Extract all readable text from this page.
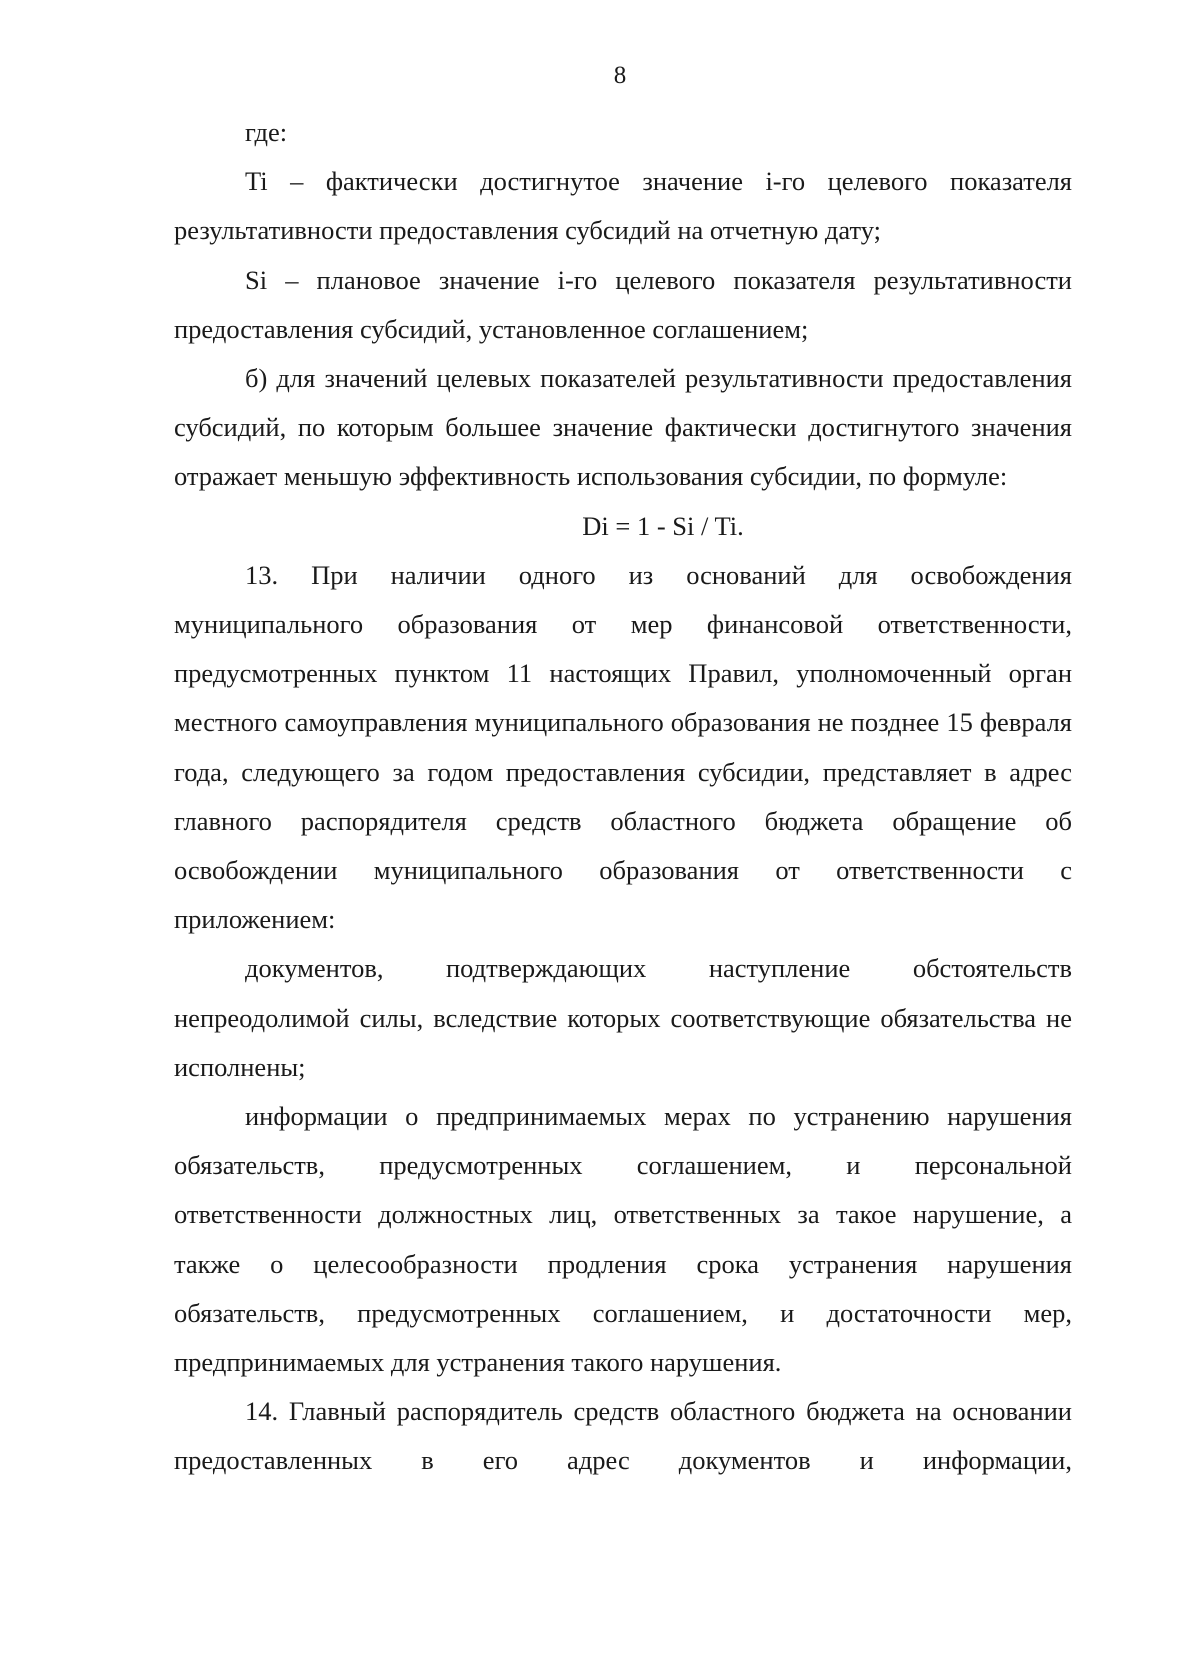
8

где:

Ti – фактически достигнутое значение i-го целевого показателя результативности предоставления субсидий на отчетную дату;

Si – плановое значение i-го целевого показателя результативности предоставления субсидий, установленное соглашением;

б) для значений целевых показателей результативности предоставления субсидий, по которым большее значение фактически достигнутого значения отражает меньшую эффективность использования субсидии, по формуле:

Di = 1 - Si / Ti.

13. При наличии одного из оснований для освобождения муниципального образования от мер финансовой ответственности, предусмотренных пунктом 11 настоящих Правил, уполномоченный орган местного самоуправления муниципального образования не позднее 15 февраля года, следующего за годом предоставления субсидии, представляет в адрес главного распорядителя средств областного бюджета обращение об освобождении муниципального образования от ответственности с приложением:

документов, подтверждающих наступление обстоятельств непреодолимой силы, вследствие которых соответствующие обязательства не исполнены;

информации о предпринимаемых мерах по устранению нарушения обязательств, предусмотренных соглашением, и персональной ответственности должностных лиц, ответственных за такое нарушение, а также о целесообразности продления срока устранения нарушения обязательств, предусмотренных соглашением, и достаточности мер, предпринимаемых для устранения такого нарушения.

14. Главный распорядитель средств областного бюджета на основании предоставленных в его адрес документов и информации,
